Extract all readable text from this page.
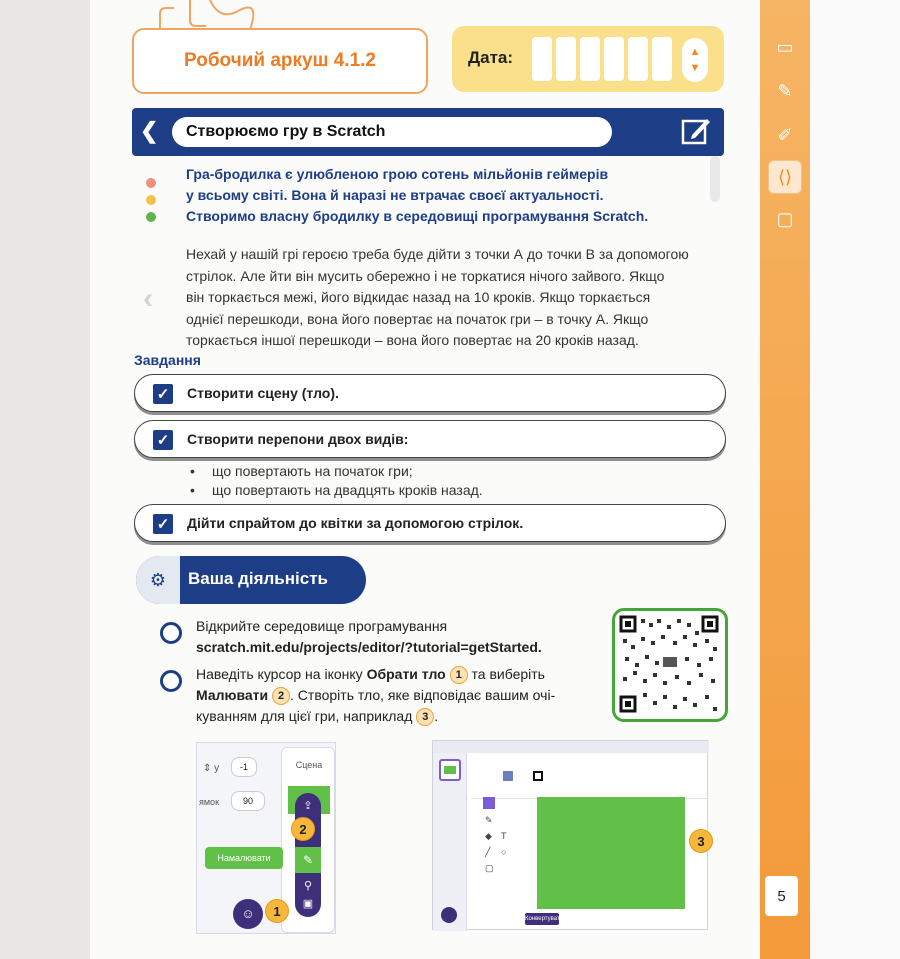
▭
✎
✐
⟨⟩
▢
5
Робочий аркуш 4.1.2	Дата:	▲
▼
❮	Створюємо гру в Scratch
Гра-бродилка є улюбленою грою сотень мільйонів геймерів
у всьому світі. Вона й наразі не втрачає своєї актуальності.
Створимо власну бродилку в середовищі програмування Scratch.
‹
Нехай у нашій грі героєю треба буде дійти з точки А до точки В за допомогою
стрілок. Але йти він мусить обережно і не торкатися нічого зайвого. Якщо
він торкається межі, його відкидає назад на 10 кроків. Якщо торкається
однієї перешкоди, вона його повертає на початок гри – в точку А. Якщо
торкається іншої перешкоди – вона його повертає на 20 кроків назад.
Завдання
✓ Створити сцену (тло).
✓ Створити перепони двох видів:
• що повертають на початок гри;
• що повертають на двадцять кроків назад.
✓ Дійти спрайтом до квітки за допомогою стрілок.
⚙	Ваша діяльність
Відкрийте середовище програмування
scratch.mit.edu/projects/editor/?tutorial=getStarted.
Наведіть курсор на іконку Обрати тло 1 та виберіть
Малювати 2 . Створіть тло, яке відповідає вашим очі-
куванням для цієї гри, наприклад 3 .
⇕ y	-1
ямок	90
Сцена
⇪
✎
⚲
▣
Намалювати
☺
2
1
✎
◆
╱
▢
T
○
Конвертувати
3
